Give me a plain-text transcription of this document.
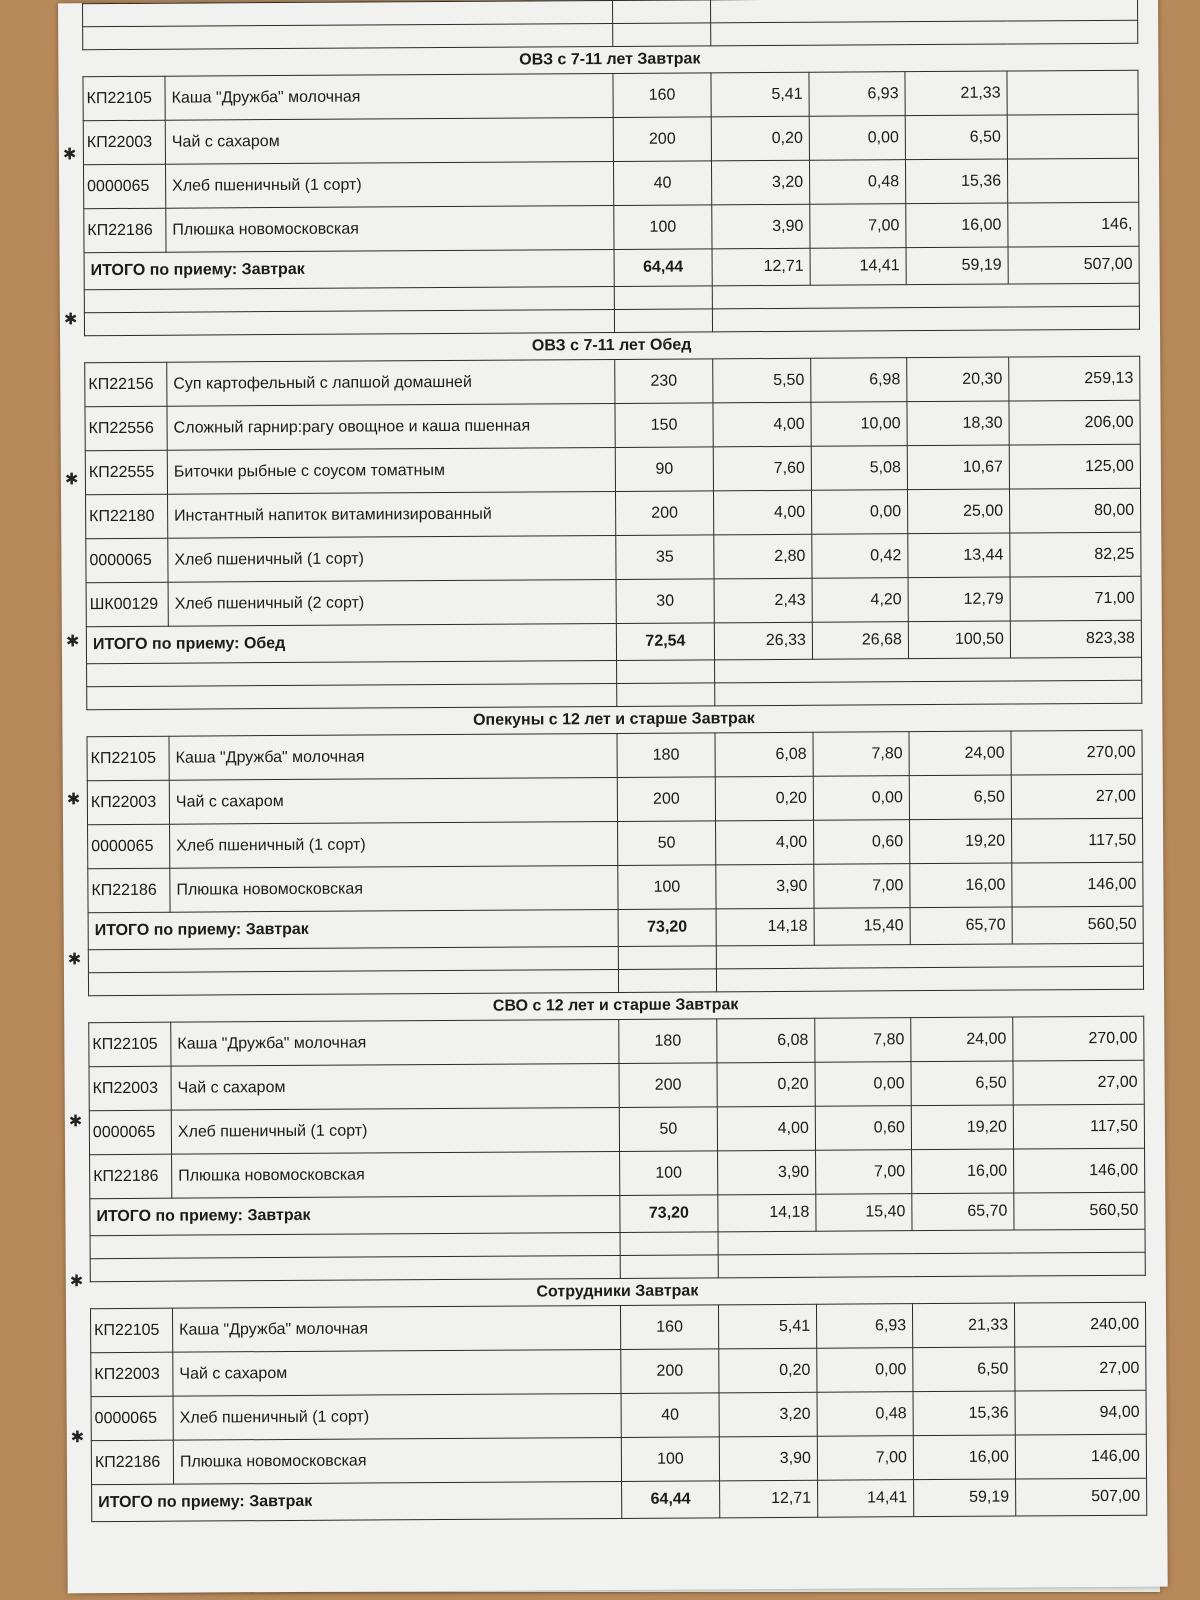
✱
✱
✱
✱
✱
✱
✱
✱
✱

ОВЗ с 7-11 лет Завтрак
КП22105	Каша "Дружба" молочная	160	5,41	6,93	21,33	
КП22003	Чай с сахаром	200	0,20	0,00	6,50	
0000065	Хлеб пшеничный (1 сорт)	40	3,20	0,48	15,36	
КП22186	Плюшка новомосковская	100	3,90	7,00	16,00	146,
ИТОГО по приему: Завтрак		64,44	12,71	14,41	59,19	507,00

ОВЗ с 7-11 лет Обед
КП22156	Суп картофельный с лапшой домашней	230	5,50	6,98	20,30	259,13
КП22556	Сложный гарнир:рагу овощное и каша пшенная	150	4,00	10,00	18,30	206,00
КП22555	Биточки рыбные с соусом томатным	90	7,60	5,08	10,67	125,00
КП22180	Инстантный напиток витаминизированный	200	4,00	0,00	25,00	80,00
0000065	Хлеб пшеничный (1 сорт)	35	2,80	0,42	13,44	82,25
ШК00129	Хлеб пшеничный (2 сорт)	30	2,43	4,20	12,79	71,00
ИТОГО по приему: Обед		72,54	26,33	26,68	100,50	823,38

Опекуны с 12 лет и старше Завтрак
КП22105	Каша "Дружба" молочная	180	6,08	7,80	24,00	270,00
КП22003	Чай с сахаром	200	0,20	0,00	6,50	27,00
0000065	Хлеб пшеничный (1 сорт)	50	4,00	0,60	19,20	117,50
КП22186	Плюшка новомосковская	100	3,90	7,00	16,00	146,00
ИТОГО по приему: Завтрак		73,20	14,18	15,40	65,70	560,50

СВО с 12 лет и старше Завтрак
КП22105	Каша "Дружба" молочная	180	6,08	7,80	24,00	270,00
КП22003	Чай с сахаром	200	0,20	0,00	6,50	27,00
0000065	Хлеб пшеничный (1 сорт)	50	4,00	0,60	19,20	117,50
КП22186	Плюшка новомосковская	100	3,90	7,00	16,00	146,00
ИТОГО по приему: Завтрак		73,20	14,18	15,40	65,70	560,50

Сотрудники Завтрак
КП22105	Каша "Дружба" молочная	160	5,41	6,93	21,33	240,00
КП22003	Чай с сахаром	200	0,20	0,00	6,50	27,00
0000065	Хлеб пшеничный (1 сорт)	40	3,20	0,48	15,36	94,00
КП22186	Плюшка новомосковская	100	3,90	7,00	16,00	146,00
ИТОГО по приему: Завтрак		64,44	12,71	14,41	59,19	507,00
